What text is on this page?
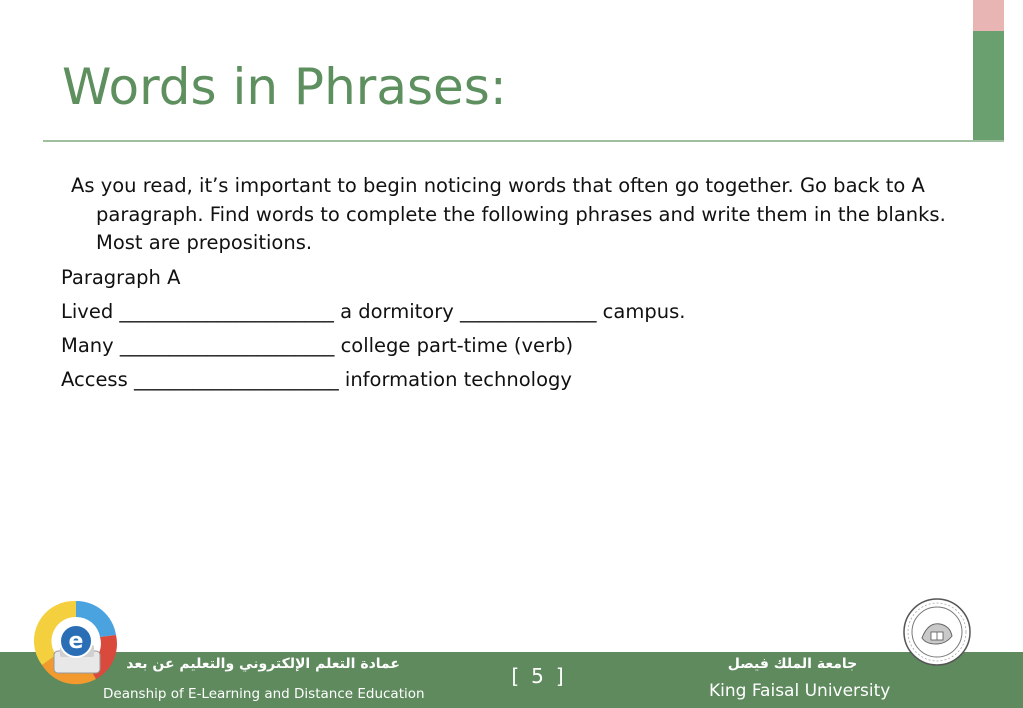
Words in Phrases:
As you read, it’s important to begin noticing words that often go together. Go back to A paragraph. Find words to complete the following phrases and write them in the blanks. Most are prepositions.
Paragraph A
Lived ______________________ a dormitory ______________ campus.
Many ______________________ college part-time (verb)
Access _____________________ information technology
e
عمادة التعلم الإلكتروني والتعليم عن بعد
Deanship of E-Learning and Distance Education
[ 5 ]	جامعة الملك فيصل
King Faisal University
